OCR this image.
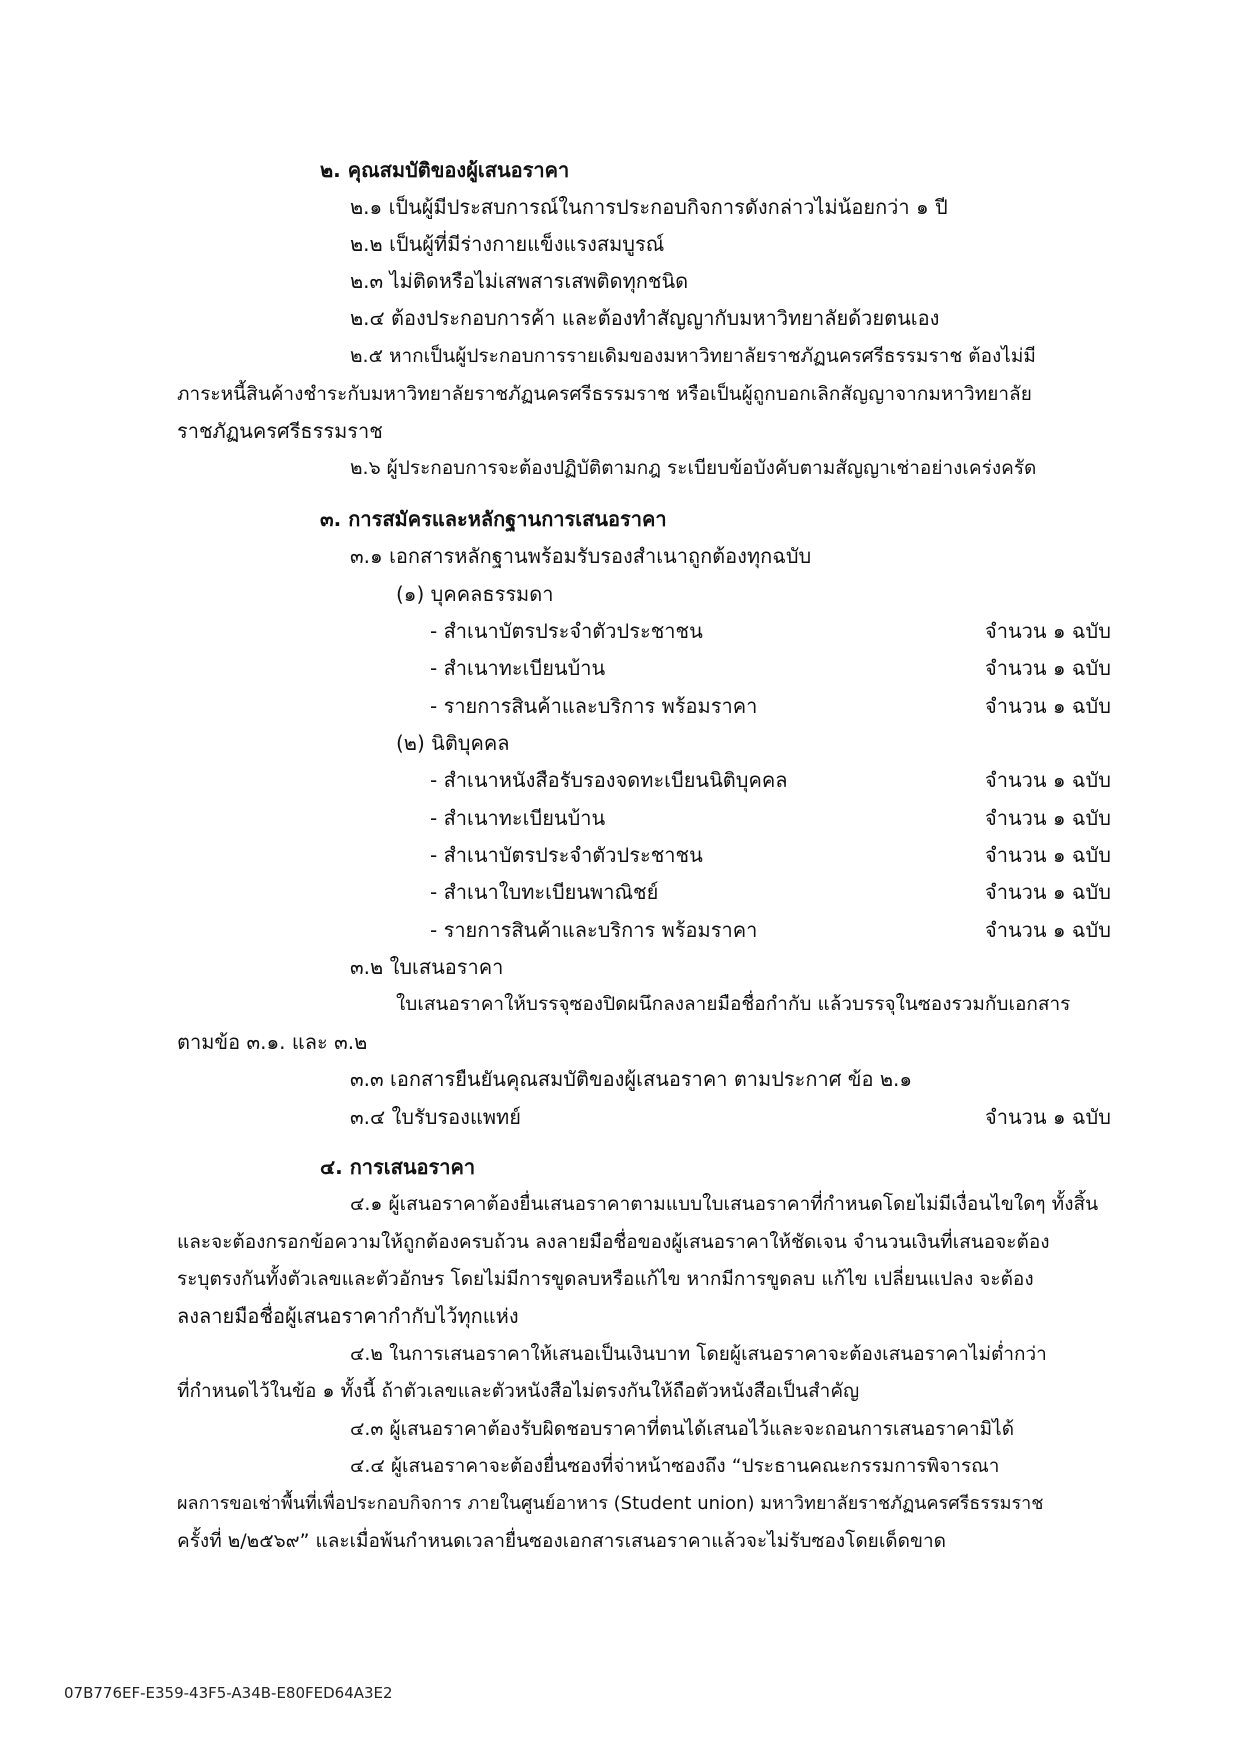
๒. คุณสมบัติของผู้เสนอราคา
๒.๑ เป็นผู้มีประสบการณ์ในการประกอบกิจการดังกล่าวไม่น้อยกว่า ๑ ปี
๒.๒ เป็นผู้ที่มีร่างกายแข็งแรงสมบูรณ์
๒.๓ ไม่ติดหรือไม่เสพสารเสพติดทุกชนิด
๒.๔ ต้องประกอบการค้า และต้องทำสัญญากับมหาวิทยาลัยด้วยตนเอง
๒.๕ หากเป็นผู้ประกอบการรายเดิมของมหาวิทยาลัยราชภัฏนครศรีธรรมราช ต้องไม่มี
ภาระหนี้สินค้างชำระกับมหาวิทยาลัยราชภัฏนครศรีธรรมราช หรือเป็นผู้ถูกบอกเลิกสัญญาจากมหาวิทยาลัย
ราชภัฏนครศรีธรรมราช
๒.๖ ผู้ประกอบการจะต้องปฏิบัติตามกฎ ระเบียบข้อบังคับตามสัญญาเช่าอย่างเคร่งครัด
๓. การสมัครและหลักฐานการเสนอราคา
๓.๑ เอกสารหลักฐานพร้อมรับรองสำเนาถูกต้องทุกฉบับ
(๑) บุคคลธรรมดา
- สำเนาบัตรประจำตัวประชาชน	จำนวน ๑ ฉบับ
- สำเนาทะเบียนบ้าน	จำนวน ๑ ฉบับ
- รายการสินค้าและบริการ พร้อมราคา	จำนวน ๑ ฉบับ
(๒) นิติบุคคล
- สำเนาหนังสือรับรองจดทะเบียนนิติบุคคล	จำนวน ๑ ฉบับ
- สำเนาทะเบียนบ้าน	จำนวน ๑ ฉบับ
- สำเนาบัตรประจำตัวประชาชน	จำนวน ๑ ฉบับ
- สำเนาใบทะเบียนพาณิชย์	จำนวน ๑ ฉบับ
- รายการสินค้าและบริการ พร้อมราคา	จำนวน ๑ ฉบับ
๓.๒ ใบเสนอราคา
ใบเสนอราคาให้บรรจุซองปิดผนึกลงลายมือชื่อกำกับ แล้วบรรจุในซองรวมกับเอกสาร
ตามข้อ ๓.๑. และ ๓.๒
๓.๓ เอกสารยืนยันคุณสมบัติของผู้เสนอราคา ตามประกาศ ข้อ ๒.๑
๓.๔ ใบรับรองแพทย์	จำนวน ๑ ฉบับ
๔. การเสนอราคา
๔.๑ ผู้เสนอราคาต้องยื่นเสนอราคาตามแบบใบเสนอราคาที่กำหนดโดยไม่มีเงื่อนไขใดๆ ทั้งสิ้น
และจะต้องกรอกข้อความให้ถูกต้องครบถ้วน ลงลายมือชื่อของผู้เสนอราคาให้ชัดเจน จำนวนเงินที่เสนอจะต้อง
ระบุตรงกันทั้งตัวเลขและตัวอักษร โดยไม่มีการขูดลบหรือแก้ไข หากมีการขูดลบ แก้ไข เปลี่ยนแปลง จะต้อง
ลงลายมือชื่อผู้เสนอราคากำกับไว้ทุกแห่ง
๔.๒ ในการเสนอราคาให้เสนอเป็นเงินบาท โดยผู้เสนอราคาจะต้องเสนอราคาไม่ต่ำกว่า
ที่กำหนดไว้ในข้อ ๑ ทั้งนี้ ถ้าตัวเลขและตัวหนังสือไม่ตรงกันให้ถือตัวหนังสือเป็นสำคัญ
๔.๓ ผู้เสนอราคาต้องรับผิดชอบราคาที่ตนได้เสนอไว้และจะถอนการเสนอราคามิได้
๔.๔ ผู้เสนอราคาจะต้องยื่นซองที่จ่าหน้าซองถึง “ประธานคณะกรรมการพิจารณา
ผลการขอเช่าพื้นที่เพื่อประกอบกิจการ ภายในศูนย์อาหาร (Student union) มหาวิทยาลัยราชภัฏนครศรีธรรมราช
ครั้งที่ ๒/๒๕๖๙” และเมื่อพ้นกำหนดเวลายื่นซองเอกสารเสนอราคาแล้วจะไม่รับซองโดยเด็ดขาด
07B776EF-E359-43F5-A34B-E80FED64A3E2
